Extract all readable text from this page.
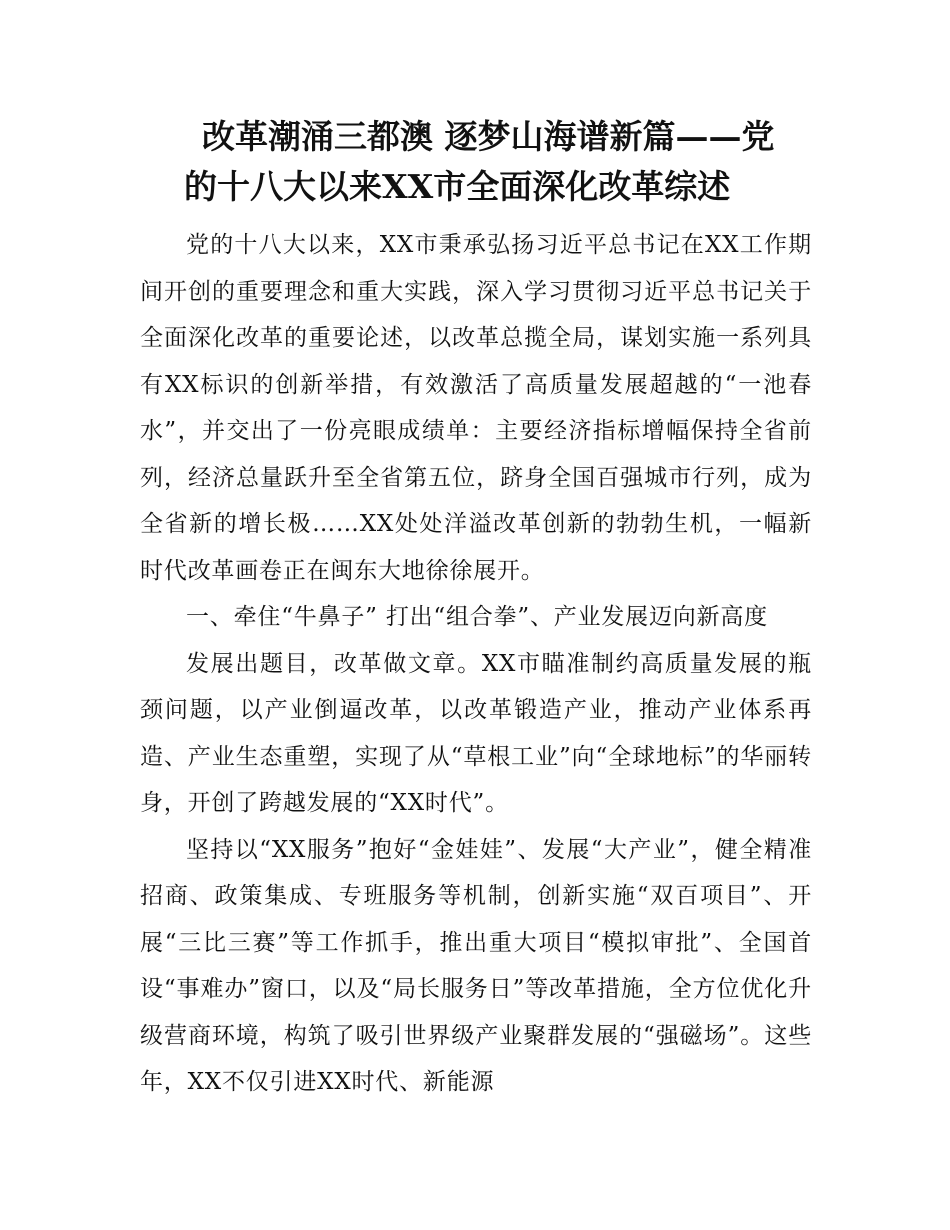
改革潮涌三都澳 逐梦山海谱新篇——党
的十八大以来XX市全面深化改革综述

党的十八大以来，XX市秉承弘扬习近平总书记在XX工作期间开创的重要理念和重大实践，深入学习贯彻习近平总书记关于全面深化改革的重要论述，以改革总揽全局，谋划实施一系列具有XX标识的创新举措，有效激活了高质量发展超越的“一池春水”，并交出了一份亮眼成绩单：主要经济指标增幅保持全省前列，经济总量跃升至全省第五位，跻身全国百强城市行列，成为全省新的增长极……XX处处洋溢改革创新的勃勃生机，一幅新时代改革画卷正在闽东大地徐徐展开。

一、牵住“牛鼻子” 打出“组合拳”、产业发展迈向新高度

发展出题目，改革做文章。XX市瞄准制约高质量发展的瓶颈问题，以产业倒逼改革，以改革锻造产业，推动产业体系再造、产业生态重塑，实现了从“草根工业”向“全球地标”的华丽转身，开创了跨越发展的“XX时代”。

坚持以“XX服务”抱好“金娃娃”、发展“大产业”，健全精准招商、政策集成、专班服务等机制，创新实施“双百项目”、开展“三比三赛”等工作抓手，推出重大项目“模拟审批”、全国首设“事难办”窗口，以及“局长服务日”等改革措施，全方位优化升级营商环境，构筑了吸引世界级产业聚群发展的“强磁场”。这些年，XX不仅引进XX时代、新能源
